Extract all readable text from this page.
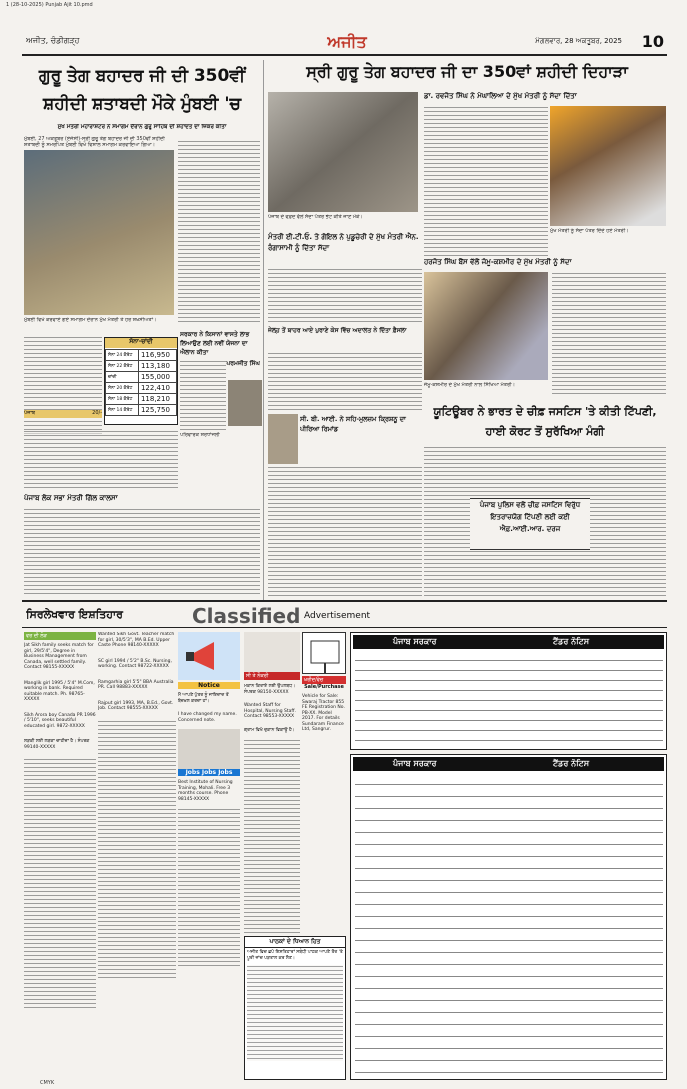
1 (28-10-2025) Punjab Ajit 10.pmd
ਅਜੀਤ, ਚੰਡੀਗੜ੍ਹ	ਅਜੀਤ	ਮੰਗਲਵਾਰ, 28 ਅਕਤੂਬਰ, 2025	10
ਗੁਰੂ ਤੇਗ ਬਹਾਦਰ ਜੀ ਦੀ 350ਵੀਂ ਸ਼ਹੀਦੀ ਸ਼ਤਾਬਦੀ ਮੌਕੇ ਮੁੰਬਈ 'ਚ
ਮੁੱਖ ਮੰਤਰੀ ਮਹਾਰਾਸ਼ਟਰ ਨੇ ਸਮਾਗਮ ਦੌਰਾਨ ਗੁਰੂ ਸਾਹਿਬ ਦੀ ਸ਼ਹਾਦਤ ਦਾ ਜ਼ਿਕਰ ਕੀਤਾ
ਮੁੰਬਈ, 27 ਅਕਤੂਬਰ (ਏਜੰਸੀ)-ਸ੍ਰੀ ਗੁਰੂ ਤੇਗ ਬਹਾਦਰ ਜੀ ਦੀ 350ਵੀਂ ਸ਼ਹੀਦੀ ਸ਼ਤਾਬਦੀ ਨੂੰ ਸਮਰਪਿਤ ਮੁੰਬਈ ਵਿਖੇ ਵਿਸ਼ਾਲ ਸਮਾਗਮ ਕਰਵਾਇਆ ਗਿਆ।
ਮੁੰਬਈ ਵਿਖੇ ਕਰਵਾਏ ਗਏ ਸਮਾਗਮ ਦੌਰਾਨ ਮੁੱਖ ਮੰਤਰੀ ਤੇ ਹੋਰ ਸ਼ਖ਼ਸੀਅਤਾਂ।
ਸੋਨਾ-ਚਾਂਦੀ
ਸੋਨਾ 24 ਕੈਰੇਟ	116,950
ਸੋਨਾ 22 ਕੈਰੇਟ	113,180
ਚਾਂਦੀ	155,000
ਸੋਨਾ 20 ਕੈਰੇਟ	122,410
ਸੋਨਾ 18 ਕੈਰੇਟ	118,210
ਸੋਨਾ 14 ਕੈਰੇਟ	125,750
ਪੰਜਾਬ	20/-
ਪੰਜਾਬ ਲੋਕ ਸਭਾ ਮੰਤਰੀ ਗਿੱਲ ਕਾਲਸਾ
ਸਰਕਾਰ ਨੇ ਕਿਸਾਨਾਂ ਵਾਸਤੇ ਲਾਭ ਲਿਆਉਣ ਲਈ ਨਵੀਂ ਯੋਜਨਾ ਦਾ ਐਲਾਨ ਕੀਤਾ
ਪਰਮਜੀਤ ਸਿੰਘ
ਪਰਿਵਾਰਕ ਸ਼ਰਧਾਂਜਲੀ
ਸ੍ਰੀ ਗੁਰੂ ਤੇਗ ਬਹਾਦਰ ਜੀ ਦਾ 350ਵਾਂ ਸ਼ਹੀਦੀ ਦਿਹਾੜਾ
ਪੰਜਾਬ ਦੇ ਵਫ਼ਦ ਵੱਲੋਂ ਸੱਦਾ ਪੱਤਰ ਭੇਟ ਕੀਤੇ ਜਾਣ ਮੌਕੇ।
ਡਾ. ਰਵਜੋਤ ਸਿੰਘ ਨੇ ਮੇਘਾਲਿਆ ਦੇ ਮੁੱਖ ਮੰਤਰੀ ਨੂੰ ਸੱਦਾ ਦਿੱਤਾ
ਮੁੱਖ ਮੰਤਰੀ ਨੂੰ ਸੱਦਾ ਪੱਤਰ ਦਿੰਦੇ ਹੋਏ ਮੰਤਰੀ।
ਮੰਤਰੀ ਈ.ਟੀ.ਓ. ਤੇ ਗੋਇਲ ਨੇ ਪੁਡੂਚੇਰੀ ਦੇ ਮੁੱਖ ਮੰਤਰੀ ਐਨ. ਰੰਗਾਸਾਮੀ ਨੂੰ ਦਿੱਤਾ ਸੱਦਾ
ਹਰਜੋਤ ਸਿੰਘ ਬੈਂਸ ਵੱਲੋਂ ਜੰਮੂ-ਕਸ਼ਮੀਰ ਦੇ ਮੁੱਖ ਮੰਤਰੀ ਨੂੰ ਸੱਦਾ
ਜੰਮੂ-ਕਸ਼ਮੀਰ ਦੇ ਮੁੱਖ ਮੰਤਰੀ ਨਾਲ ਸਿੱਖਿਆ ਮੰਤਰੀ।
ਜੇਲ੍ਹ ਤੋਂ ਬਾਹਰ ਆਏ ਪੁਰਾਣੇ ਕੇਸ ਵਿੱਚ ਅਦਾਲਤ ਨੇ ਦਿੱਤਾ ਫ਼ੈਸਲਾ
ਸੀ. ਬੀ. ਆਈ. ਨੇ ਸਹਿ-ਮੁਲਜ਼ਮ ਕ੍ਰਿਸ਼ਨੂ ਦਾ ਪੀਰਿਆ ਰਿਮਾਂਡ
ਯੂਟਿਊਬਰ ਨੇ ਭਾਰਤ ਦੇ ਚੀਫ਼ ਜਸਟਿਸ 'ਤੇ ਕੀਤੀ ਟਿੱਪਣੀ, ਹਾਈ ਕੋਰਟ ਤੋਂ ਸੁਰੱਖਿਆ ਮੰਗੀ
ਪੰਜਾਬ ਪੁਲਿਸ ਵਲੋਂ ਚੀਫ਼ ਜਸਟਿਸ ਵਿਰੁੱਧ ਇਤਰਾਜ਼ਯੋਗ ਟਿੱਪਣੀ ਲਈ ਕਈ ਐਫ਼.ਆਈ.ਆਰ. ਦਰਜ
ਸਿਰਲੇਖਵਾਰ ਇਸ਼ਤਿਹਾਰ	Classified Advertisement
ਵਰ ਦੀ ਲੋੜ
Jat Sikh family seeks match for girl, 29/5'4", Degree in Business Management from Canada, well settled family. Contact 98155-XXXXX
Manglik girl 1995 / 5'4" M.Com, working in bank. Required suitable match. Ph. 98765-XXXXX
Sikh Arora boy Canada PR 1996 / 5'10", seeks beautiful educated girl. 9872-XXXXX
ਲੜਕੀ ਲਈ ਲੜਕਾ ਚਾਹੀਦਾ ਹੈ। ਸੰਪਰਕ 99140-XXXXX
Wanted Sikh Govt. Teacher match for girl, 30/5'3", MA B.Ed. Upper Caste Phone 98140-XXXXX
SC girl 1994 / 5'2" B.Sc. Nursing, working. Contact 98722-XXXXX
Ramgarhia girl 5'5" BBA Australia PR. Call 98883-XXXXX
Rajput girl 1993, MA, B.Ed., Govt. Job. Contact 98555-XXXXX
Notice
ਮੈਂ ਆਪਣੇ ਪੁੱਤਰ ਨੂੰ ਜਾਇਦਾਦ ਤੋਂ ਬੇਦਖ਼ਲ ਕਰਦਾ ਹਾਂ।
I have changed my name. Concerned note.
Jobs Jobs Jobs
Best Institute of Nursing Training, Mohali. Free 3 months course. Phone 98145-XXXXX
ਸੀ ਤੇ ਨੌਕਰੀ
ਮਕਾਨ ਕਿਰਾਏ ਲਈ ਉਪਲਬਧ। ਸੰਪਰਕ 98150-XXXXX
Wanted Staff for Hospital, Nursing Staff. Contact 98553-XXXXX
ਗ੍ਰਾਮ ਵਿਖੇ ਦੁਕਾਨ ਵਿਕਾਊ ਹੈ।
ਖ਼ਰੀਦ/ਵੇਚ
Sale/Purchase
Vehicle for Sale: Swaraj Tractor 855 FE Registration No. PB-XX. Model 2017. For details Sundaram Finance Ltd, Sangrur.
ਪਾਠਕਾਂ ਦੇ ਧਿਆਨ ਹਿਤ
ਅਜੀਤ ਵਿਚ ਛਪੇ ਇਸ਼ਤਿਹਾਰਾਂ ਸਬੰਧੀ ਪਾਠਕ ਆਪਣੇ ਤੌਰ 'ਤੇ ਪੂਰੀ ਜਾਂਚ ਪੜਤਾਲ ਕਰ ਲੈਣ।
ਪੰਜਾਬ ਸਰਕਾਰ	ਟੈਂਡਰ ਨੋਟਿਸ
ਪੰਜਾਬ ਸਰਕਾਰ	ਟੈਂਡਰ ਨੋਟਿਸ
CMYK
